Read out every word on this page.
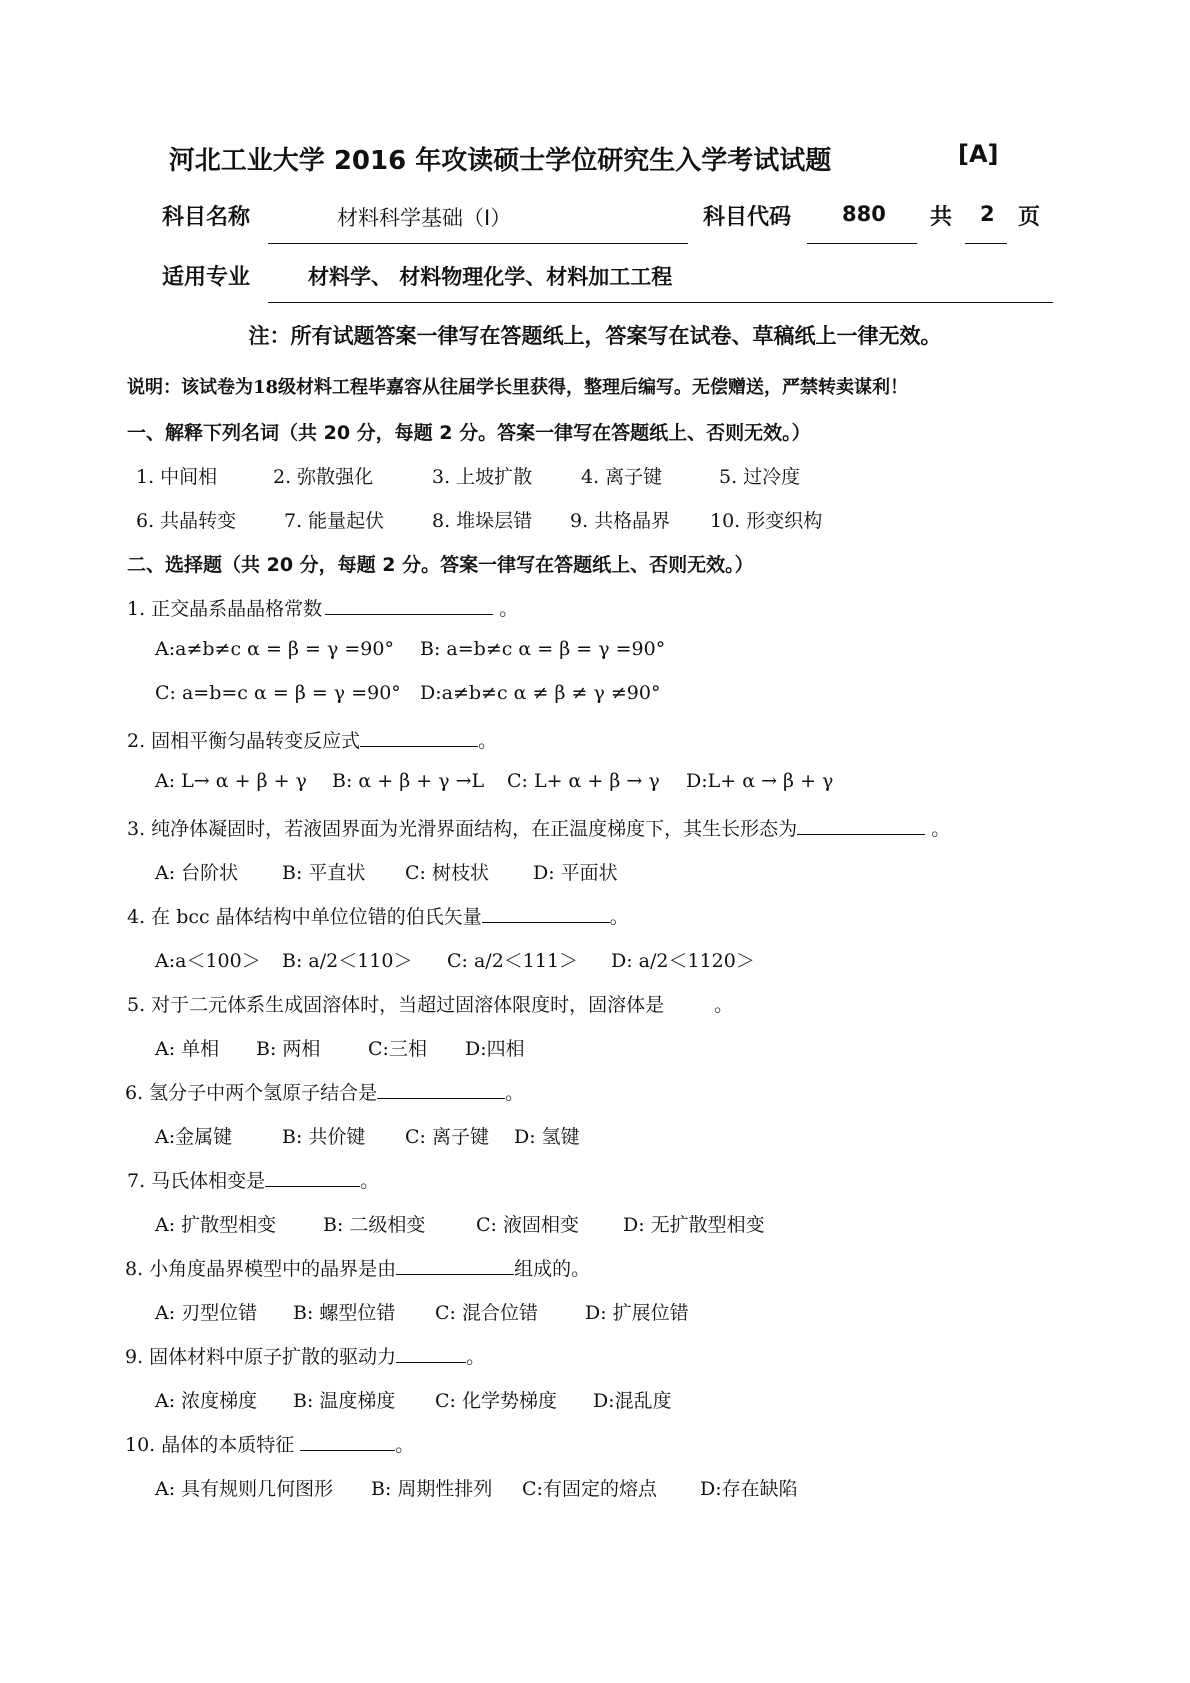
河北工业大学 2016 年攻读硕士学位研究生入学考试试题	[A]
科目名称	材料科学基础（I）	科目代码 880 共 2 页
适用专业	材料学、 材料物理化学、材料加工工程
注：所有试题答案一律写在答题纸上，答案写在试卷、草稿纸上一律无效。
说明：该试卷为18级材料工程毕嘉容从往届学长里获得，整理后编写。无偿赠送，严禁转卖谋利！
一、解释下列名词（共 20 分，每题 2 分。答案一律写在答题纸上、否则无效。）
1. 中间相	2. 弥散强化	3. 上坡扩散	4. 离子键	5. 过冷度
6. 共晶转变	7. 能量起伏	8. 堆垛层错 9. 共格晶界 10. 形变织构
二、选择题（共 20 分，每题 2 分。答案一律写在答题纸上、否则无效。）
1. 正交晶系晶晶格常数	。
A:a≠b≠c α = β = γ =90° B: a=b≠c α = β = γ =90°
C: a=b=c α = β = γ =90° D:a≠b≠c α ≠ β ≠ γ ≠90°
2. 固相平衡匀晶转变反应式	。
A: L→ α + β + γ B: α + β + γ →L C: L+ α + β → γ D:L+ α → β + γ
3. 纯净体凝固时，若液固界面为光滑界面结构，在正温度梯度下，其生长形态为	。
A: 台阶状 B: 平直状 C: 树枝状 D: 平面状
4. 在 bcc 晶体结构中单位位错的伯氏矢量	。
A:a＜100＞ B: a/2＜110＞ C: a/2＜111＞ D: a/2＜1120＞
5. 对于二元体系生成固溶体时，当超过固溶体限度时，固溶体是	。
A: 单相 B: 两相	C:三相 D:四相
6. 氢分子中两个氢原子结合是	。
A:金属键	B: 共价键 C: 离子键 D: 氢键
7. 马氏体相变是	。
A: 扩散型相变 B: 二级相变	C: 液固相变 D: 无扩散型相变
8. 小角度晶界模型中的晶界是由	组成的。
A: 刃型位错 B: 螺型位错 C: 混合位错 D: 扩展位错
9. 固体材料中原子扩散的驱动力	。
A: 浓度梯度 B: 温度梯度 C: 化学势梯度 D:混乱度
10. 晶体的本质特征	。
A: 具有规则几何图形 B: 周期性排列 C:有固定的熔点 D:存在缺陷
